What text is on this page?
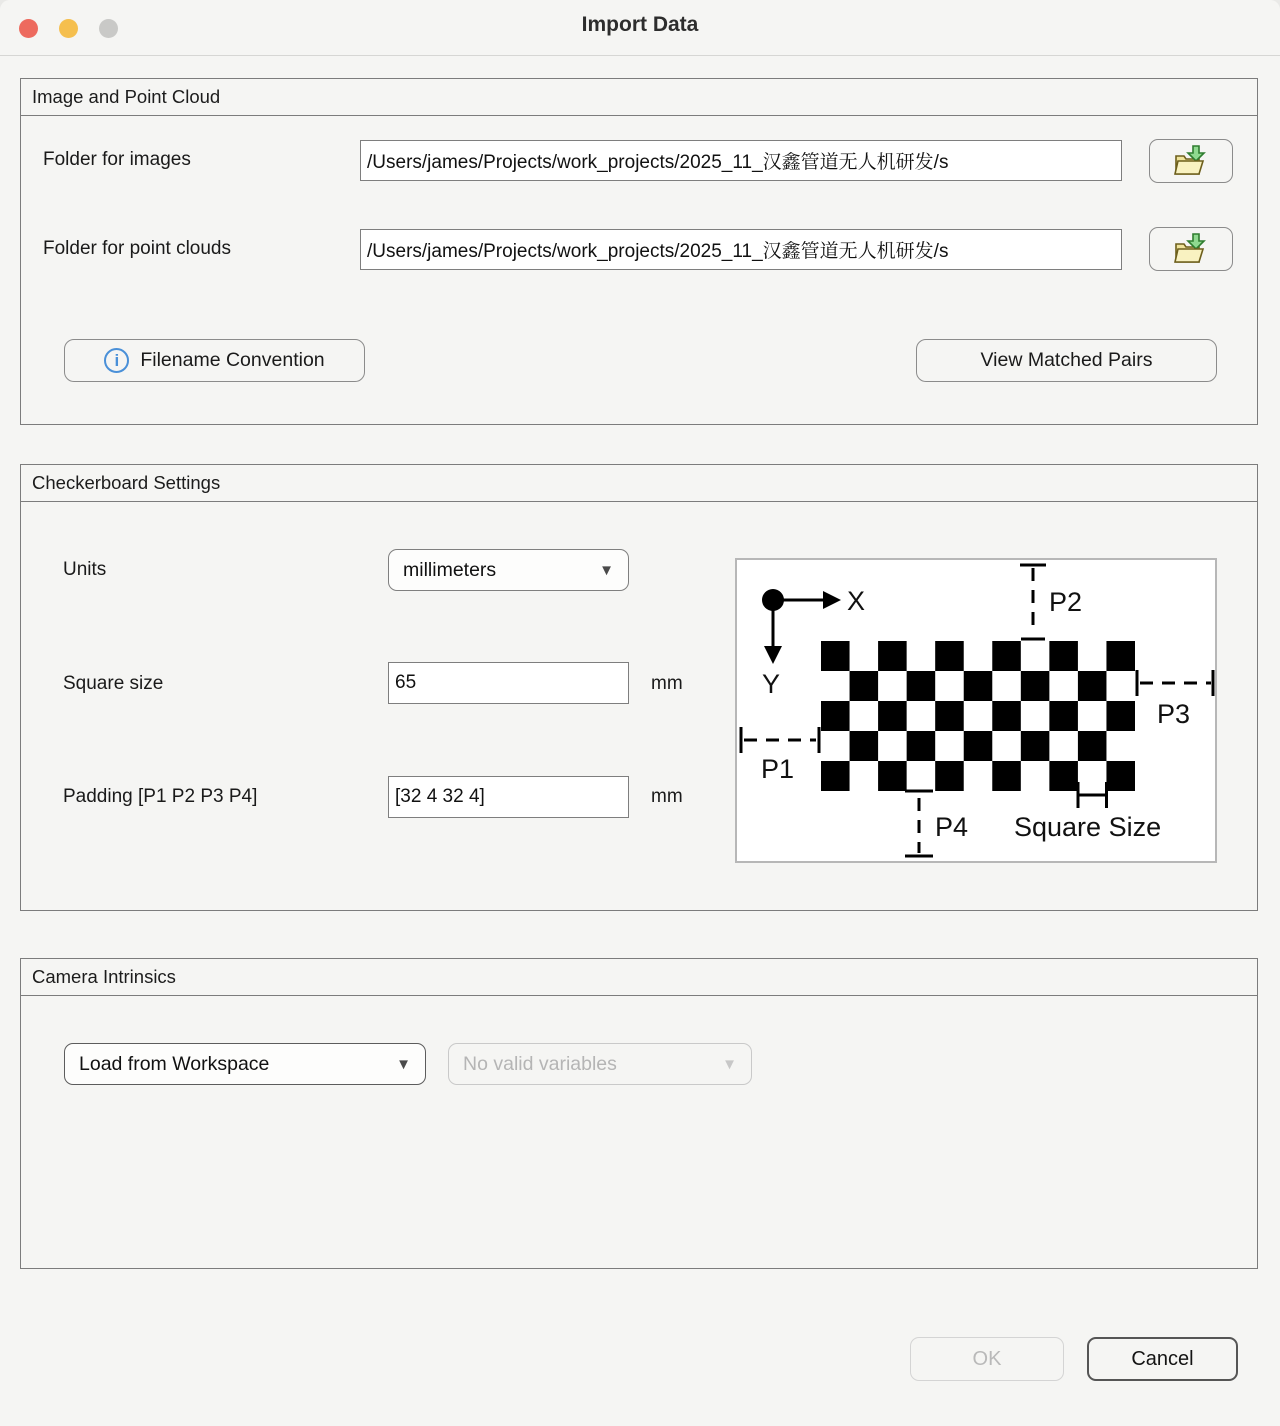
Import Data
Image and Point Cloud
Folder for images
/Users/james/Projects/work_projects/2025_11_汉鑫管道无人机研发/s
Folder for point clouds
/Users/james/Projects/work_projects/2025_11_汉鑫管道无人机研发/s
i	Filename Convention	View Matched Pairs
Checkerboard Settings
Units	millimeters	▼
Square size
65	mm
Padding [P1 P2 P3 P4]
[32 4 32 4]	mm
X
Y
P2
P3
P1
P4 Square Size
Camera Intrinsics
Load from Workspace	▼	No valid variables	▼
OK	Cancel
